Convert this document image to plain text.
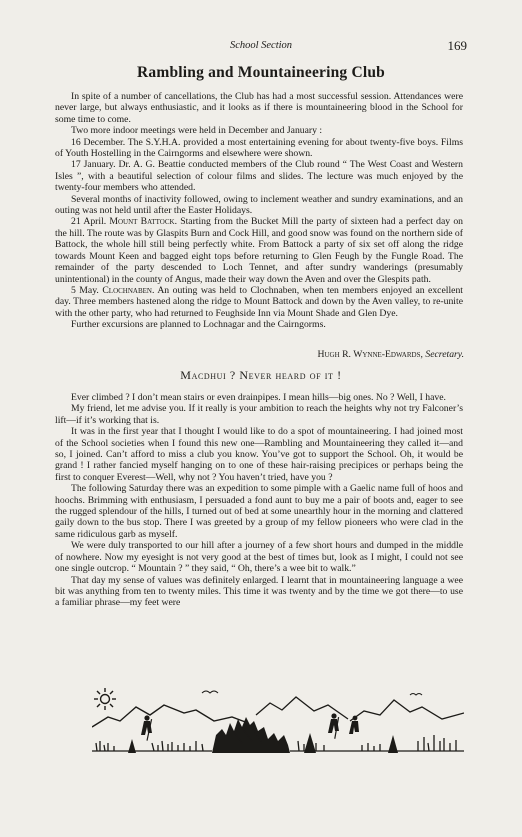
School Section	169
Rambling and Mountaineering Club

In spite of a number of cancellations, the Club has had a most successful session. Attendances were never large, but always enthusiastic, and it looks as if there is mountaineering blood in the School for some time to come.

Two more indoor meetings were held in December and January :

16 December. The S.Y.H.A. provided a most entertaining evening for about twenty-five boys. Films of Youth Hostelling in the Cairngorms and elsewhere were shown.

17 January. Dr. A. G. Beattie conducted members of the Club round “ The West Coast and Western Isles ”, with a beautiful selection of colour films and slides. The lecture was much enjoyed by the twenty-four members who attended.

Several months of inactivity followed, owing to inclement weather and sundry examinations, and an outing was not held until after the Easter Holidays.

21 April. Mount Battock. Starting from the Bucket Mill the party of sixteen had a perfect day on the hill. The route was by Glaspits Burn and Cock Hill, and good snow was found on the northern side of Battock, the whole hill still being perfectly white. From Battock a party of six set off along the ridge towards Mount Keen and bagged eight tops before returning to Glen Feugh by the Fungle Road. The remainder of the party descended to Loch Tennet, and after sundry wanderings (presumably unintentional) in the county of Angus, made their way down the Aven and over the Glespits path.

5 May. Clochnaben. An outing was held to Clochnaben, when ten members enjoyed an excellent day. Three members hastened along the ridge to Mount Battock and down by the Aven valley, to re-unite with the other party, who had returned to Feughside Inn via Mount Shade and Glen Dye.

Further excursions are planned to Lochnagar and the Cairngorms.

Hugh R. Wynne-Edwards, Secretary.
Macdhui ? Never heard of it !

Ever climbed ? I don’t mean stairs or even drainpipes. I mean hills—big ones. No ? Well, I have.

My friend, let me advise you. If it really is your ambition to reach the heights why not try Falconer’s lift—if it’s working that is.

It was in the first year that I thought I would like to do a spot of mountaineering. I had joined most of the School societies when I found this new one—Rambling and Mountaineering they called it—and so, I joined. Can’t afford to miss a club you know. You’ve got to support the School. Oh, it would be grand ! I rather fancied myself hanging on to one of these hair-raising precipices or perhaps being the first to conquer Everest—Well, why not ? You haven’t tried, have you ?

The following Saturday there was an expedition to some pimple with a Gaelic name full of hoos and hoochs. Brimming with enthusiasm, I persuaded a fond aunt to buy me a pair of boots and, eager to see the rugged splendour of the hills, I turned out of bed at some unearthly hour in the morning and clattered gaily down to the bus stop. There I was greeted by a group of my fellow pioneers who were clad in the same ridiculous garb as myself.

We were duly transported to our hill after a journey of a few short hours and dumped in the middle of nowhere. Now my eyesight is not very good at the best of times but, look as I might, I could not see one single outcrop. “ Mountain ? ” they said, “ Oh, there’s a wee bit to walk.”

That day my sense of values was definitely enlarged. I learnt that in mountaineering language a wee bit was anything from ten to twenty miles. This time it was twenty and by the time we got there—to use a familiar phrase—my feet were
